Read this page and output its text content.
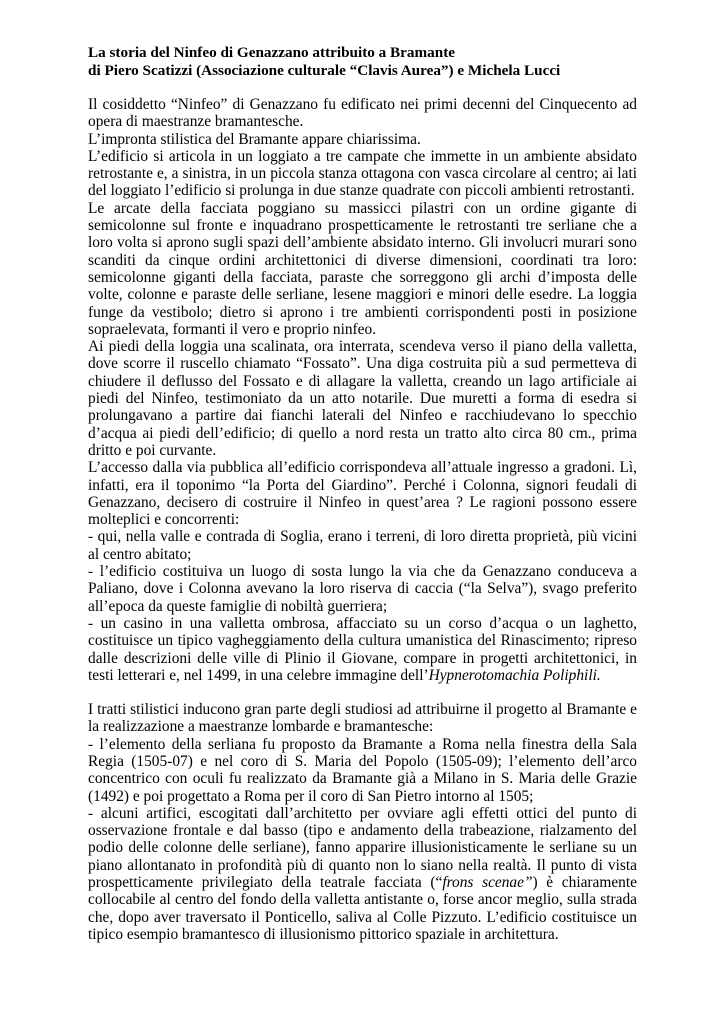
La storia del Ninfeo di Genazzano attribuito a Bramante
di Piero Scatizzi (Associazione culturale “Clavis Aurea”) e Michela Lucci

Il cosiddetto “Ninfeo” di Genazzano fu edificato nei primi decenni del Cinquecento ad opera di maestranze bramantesche.

L’impronta stilistica del Bramante appare chiarissima.

L’edificio si articola in un loggiato a tre campate che immette in un ambiente absidato retrostante e, a sinistra, in un piccola stanza ottagona con vasca circolare al centro; ai lati del loggiato l’edificio si prolunga in due stanze quadrate con piccoli ambienti retrostanti.

Le arcate della facciata poggiano su massicci pilastri con un ordine gigante di semicolonne sul fronte e inquadrano prospetticamente le retrostanti tre serliane che a loro volta si aprono sugli spazi dell’ambiente absidato interno. Gli involucri murari sono scanditi da cinque ordini architettonici di diverse dimensioni, coordinati tra loro: semicolonne giganti della facciata, paraste che sorreggono gli archi d’imposta delle volte, colonne e paraste delle serliane, lesene maggiori e minori delle esedre. La loggia funge da vestibolo; dietro si aprono i tre ambienti corrispondenti posti in posizione sopraelevata, formanti il vero e proprio ninfeo.

Ai piedi della loggia una scalinata, ora interrata, scendeva verso il piano della valletta, dove scorre il ruscello chiamato “Fossato”. Una diga costruita più a sud permetteva di chiudere il deflusso del Fossato e di allagare la valletta, creando un lago artificiale ai piedi del Ninfeo, testimoniato da un atto notarile. Due muretti a forma di esedra si prolungavano a partire dai fianchi laterali del Ninfeo e racchiudevano lo specchio d’acqua ai piedi dell’edificio; di quello a nord resta un tratto alto circa 80 cm., prima dritto e poi curvante.

L’accesso dalla via pubblica all’edificio corrispondeva all’attuale ingresso a gradoni. Lì, infatti, era il toponimo “la Porta del Giardino”. Perché i Colonna, signori feudali di Genazzano, decisero di costruire il Ninfeo in quest’area ? Le ragioni possono essere molteplici e concorrenti:

- qui, nella valle e contrada di Soglia, erano i terreni, di loro diretta proprietà, più vicini al centro abitato;

- l’edificio costituiva un luogo di sosta lungo la via che da Genazzano conduceva a Paliano, dove i Colonna avevano la loro riserva di caccia (“la Selva”), svago preferito all’epoca da queste famiglie di nobiltà guerriera;

- un casino in una valletta ombrosa, affacciato su un corso d’acqua o un laghetto, costituisce un tipico vagheggiamento della cultura umanistica del Rinascimento; ripreso dalle descrizioni delle ville di Plinio il Giovane, compare in progetti architettonici, in testi letterari e, nel 1499, in una celebre immagine dell’Hypnerotomachia Poliphili.

I tratti stilistici inducono gran parte degli studiosi ad attribuirne il progetto al Bramante e la realizzazione a maestranze lombarde e bramantesche:

- l’elemento della serliana fu proposto da Bramante a Roma nella finestra della Sala Regia (1505-07) e nel coro di S. Maria del Popolo (1505-09); l’elemento dell’arco concentrico con oculi fu realizzato da Bramante già a Milano in S. Maria delle Grazie (1492) e poi progettato a Roma per il coro di San Pietro intorno al 1505;

- alcuni artifici, escogitati dall’architetto per ovviare agli effetti ottici del punto di osservazione frontale e dal basso (tipo e andamento della trabeazione, rialzamento del podio delle colonne delle serliane), fanno apparire illusionisticamente le serliane su un piano allontanato in profondità più di quanto non lo siano nella realtà. Il punto di vista prospetticamente privilegiato della teatrale facciata (“frons scenae”) è chiaramente collocabile al centro del fondo della valletta antistante o, forse ancor meglio, sulla strada che, dopo aver traversato il Ponticello, saliva al Colle Pizzuto. L’edificio costituisce un tipico esempio bramantesco di illusionismo pittorico spaziale in architettura.
